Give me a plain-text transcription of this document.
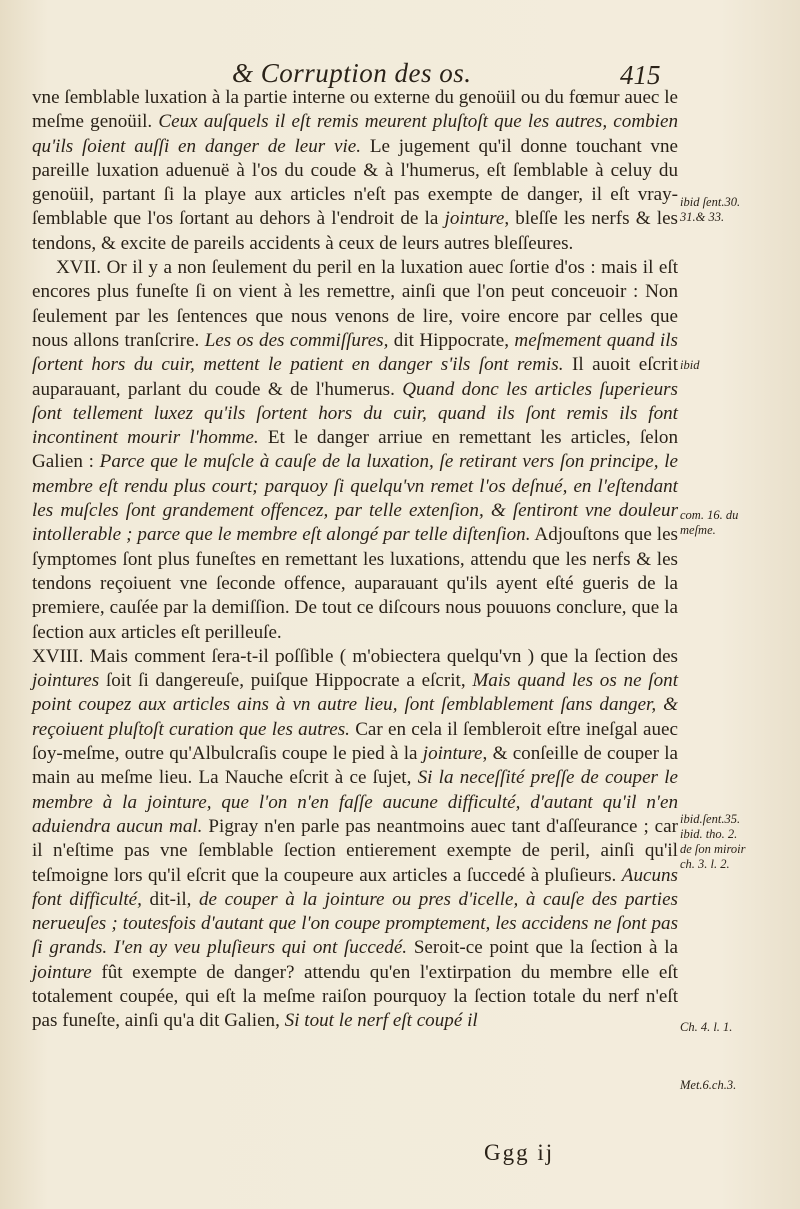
& Corruption des os.	415

vne ſemblable luxation à la partie interne ou externe du genoüil ou du fœmur auec le meſme genoüil. Ceux auſquels il eſt remis meurent pluſtoſt que les autres, combien qu'ils ſoient auſſi en danger de leur vie. Le jugement qu'il donne touchant vne pareille luxation aduenuë à l'os du coude & à l'humerus, eſt ſemblable à celuy du genoüil, partant ſi la playe aux articles n'eſt pas exempte de danger, il eſt vray-ſemblable que l'os ſortant au dehors à l'endroit de la jointure, bleſſe les nerfs & les tendons, & excite de pareils accidents à ceux de leurs autres bleſſeures.

XVII. Or il y a non ſeulement du peril en la luxation auec ſortie d'os : mais il eſt encores plus funeſte ſi on vient à les remettre, ainſi que l'on peut conceuoir : Non ſeulement par les ſentences que nous venons de lire, voire encore par celles que nous allons tranſcrire. Les os des commiſſures, dit Hippocrate, meſmement quand ils ſortent hors du cuir, mettent le patient en danger s'ils ſont remis. Il auoit eſcrit auparauant, parlant du coude & de l'humerus. Quand donc les articles ſuperieurs ſont tellement luxez qu'ils ſortent hors du cuir, quand ils ſont remis ils font incontinent mourir l'homme. Et le danger arriue en remettant les articles, ſelon Galien : Parce que le muſcle à cauſe de la luxation, ſe retirant vers ſon principe, le membre eſt rendu plus court; parquoy ſi quelqu'vn remet l'os deſnué, en l'eſtendant les muſcles ſont grandement offencez, par telle extenſion, & ſentiront vne douleur intollerable ; parce que le membre eſt alongé par telle diſtenſion. Adjouſtons que les ſymptomes ſont plus funeſtes en remettant les luxations, attendu que les nerfs & les tendons reçoiuent vne ſeconde offence, auparauant qu'ils ayent eſté gueris de la premiere, cauſée par la demiſſion. De tout ce diſcours nous pouuons conclure, que la ſection aux articles eſt perilleuſe.

XVIII. Mais comment ſera-t-il poſſible ( m'obiectera quelqu'vn ) que la ſection des jointures ſoit ſi dangereuſe, puiſque Hippocrate a eſcrit, Mais quand les os ne ſont point coupez aux articles ains à vn autre lieu, ſont ſemblablement ſans danger, & reçoiuent pluſtoſt curation que les autres. Car en cela il ſembleroit eſtre ineſgal auec ſoy-meſme, outre qu'Albulcraſis coupe le pied à la jointure, & conſeille de couper la main au meſme lieu. La Nauche eſcrit à ce ſujet, Si la neceſſité preſſe de couper le membre à la jointure, que l'on n'en faſſe aucune difficulté, d'autant qu'il n'en aduiendra aucun mal. Pigray n'en parle pas neantmoins auec tant d'aſſeurance ; car il n'eſtime pas vne ſemblable ſection entierement exempte de peril, ainſi qu'il teſmoigne lors qu'il eſcrit que la coupeure aux articles a ſuccedé à pluſieurs. Aucuns font difficulté, dit-il, de couper à la jointure ou pres d'icelle, à cauſe des parties nerueuſes ; toutesfois d'autant que l'on coupe promptement, les accidens ne ſont pas ſi grands. I'en ay veu pluſieurs qui ont ſuccedé. Seroit-ce point que la ſection à la jointure fût exempte de danger? attendu qu'en l'extirpation du membre elle eſt totalement coupée, qui eſt la meſme raiſon pourquoy la ſection totale du nerf n'eſt pas funeſte, ainſi qu'a dit Galien, Si tout le nerf eſt coupé il

ibid ſent.30.
31.& 33.
ibid
com. 16. du
meſme.
ibid.ſent.35.
ibid. tho. 2.
de ſon miroir
ch. 3. l. 2.
Ch. 4. l. 1.
Met.6.ch.3.
Ggg ij
